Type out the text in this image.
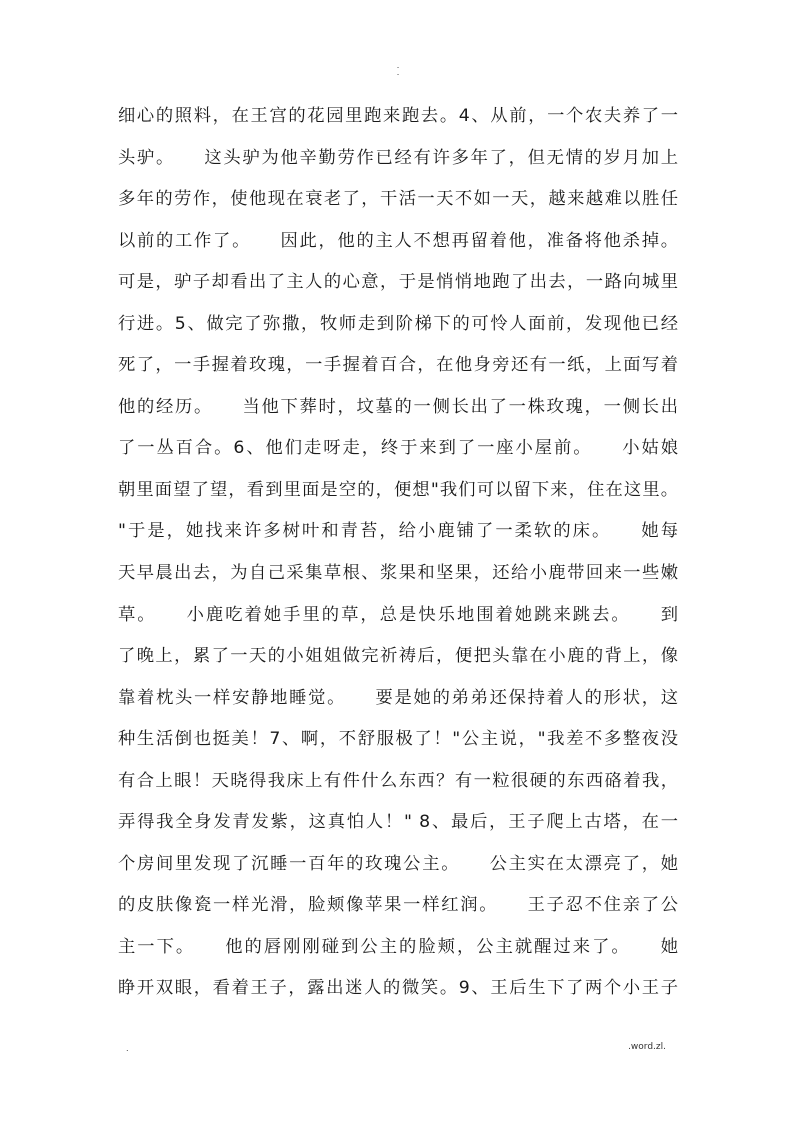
.
.
细心的照料，在王宫的花园里跑来跑去。4、从前，一个农夫养了一
头驴。　　这头驴为他辛勤劳作已经有许多年了，但无情的岁月加上
多年的劳作，使他现在衰老了，干活一天不如一天，越来越难以胜任
以前的工作了。　　因此，他的主人不想再留着他，准备将他杀掉。
可是，驴子却看出了主人的心意，于是悄悄地跑了出去，一路向城里
行进。5、做完了弥撒，牧师走到阶梯下的可怜人面前，发现他已经
死了，一手握着玫瑰，一手握着百合，在他身旁还有一纸，上面写着
他的经历。　　当他下葬时，坟墓的一侧长出了一株玫瑰，一侧长出
了一丛百合。6、他们走呀走，终于来到了一座小屋前。　　小姑娘
朝里面望了望，看到里面是空的，便想"我们可以留下来，住在这里。
"于是，她找来许多树叶和青苔，给小鹿铺了一柔软的床。　　她每
天早晨出去，为自己采集草根、浆果和坚果，还给小鹿带回来一些嫩
草。　　小鹿吃着她手里的草，总是快乐地围着她跳来跳去。　　到
了晚上，累了一天的小姐姐做完祈祷后，便把头靠在小鹿的背上，像
靠着枕头一样安静地睡觉。　　要是她的弟弟还保持着人的形状，这
种生活倒也挺美！7、啊，不舒服极了！"公主说，"我差不多整夜没
有合上眼！天晓得我床上有件什么东西？有一粒很硬的东西硌着我，
弄得我全身发青发紫，这真怕人！" 8、最后，王子爬上古塔，在一
个房间里发现了沉睡一百年的玫瑰公主。　　公主实在太漂亮了，她
的皮肤像瓷一样光滑，脸颊像苹果一样红润。　　王子忍不住亲了公
主一下。　　他的唇刚刚碰到公主的脸颊，公主就醒过来了。　　她
睁开双眼，看着王子，露出迷人的微笑。9、王后生下了两个小王子
.	.word.zl.
